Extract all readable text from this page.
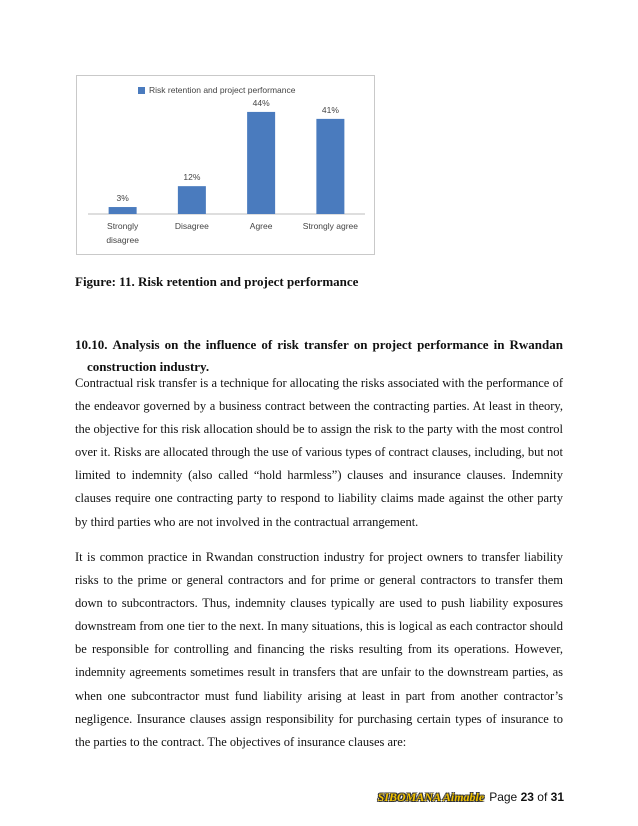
Risk retention and project performance
3%
Strongly disagree
12%
Disagree
44%
Agree
41%
Strongly agree
Figure: 11. Risk retention and project performance
10.10. Analysis on the influence of risk transfer on project performance in Rwandan
construction industry.
Contractual risk transfer is a technique for allocating the risks associated with the performance of the endeavor governed by a business contract between the contracting parties. At least in theory, the objective for this risk allocation should be to assign the risk to the party with the most control over it. Risks are allocated through the use of various types of contract clauses, including, but not limited to indemnity (also called “hold harmless”) clauses and insurance clauses. Indemnity clauses require one contracting party to respond to liability claims made against the other party by third parties who are not involved in the contractual arrangement.
It is common practice in Rwandan construction industry for project owners to transfer liability risks to the prime or general contractors and for prime or general contractors to transfer them down to subcontractors. Thus, indemnity clauses typically are used to push liability exposures downstream from one tier to the next. In many situations, this is logical as each contractor should be responsible for controlling and financing the risks resulting from its operations. However, indemnity agreements sometimes result in transfers that are unfair to the downstream parties, as when one subcontractor must fund liability arising at least in part from another contractor’s negligence. Insurance clauses assign responsibility for purchasing certain types of insurance to the parties to the contract. The objectives of insurance clauses are:
SIBOMANA Aimable Page
23
of
31
